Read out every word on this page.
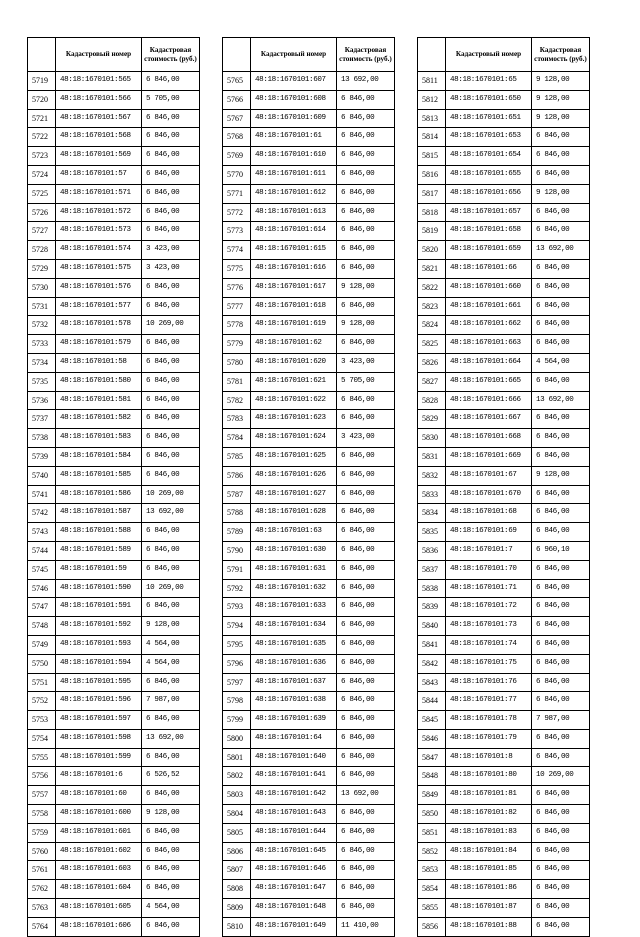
	Кадастровый номер	Кадастровая стоимость (руб.)
5719	48:18:1670101:565	6 846,00
5720	48:18:1670101:566	5 705,00
5721	48:18:1670101:567	6 846,00
5722	48:18:1670101:568	6 846,00
5723	48:18:1670101:569	6 846,00
5724	48:18:1670101:57	6 846,00
5725	48:18:1670101:571	6 846,00
5726	48:18:1670101:572	6 846,00
5727	48:18:1670101:573	6 846,00
5728	48:18:1670101:574	3 423,00
5729	48:18:1670101:575	3 423,00
5730	48:18:1670101:576	6 846,00
5731	48:18:1670101:577	6 846,00
5732	48:18:1670101:578	10 269,00
5733	48:18:1670101:579	6 846,00
5734	48:18:1670101:58	6 846,00
5735	48:18:1670101:580	6 846,00
5736	48:18:1670101:581	6 846,00
5737	48:18:1670101:582	6 846,00
5738	48:18:1670101:583	6 846,00
5739	48:18:1670101:584	6 846,00
5740	48:18:1670101:585	6 846,00
5741	48:18:1670101:586	10 269,00
5742	48:18:1670101:587	13 692,00
5743	48:18:1670101:588	6 846,00
5744	48:18:1670101:589	6 846,00
5745	48:18:1670101:59	6 846,00
5746	48:18:1670101:590	10 269,00
5747	48:18:1670101:591	6 846,00
5748	48:18:1670101:592	9 128,00
5749	48:18:1670101:593	4 564,00
5750	48:18:1670101:594	4 564,00
5751	48:18:1670101:595	6 846,00
5752	48:18:1670101:596	7 987,00
5753	48:18:1670101:597	6 846,00
5754	48:18:1670101:598	13 692,00
5755	48:18:1670101:599	6 846,00
5756	48:18:1670101:6	6 526,52
5757	48:18:1670101:60	6 846,00
5758	48:18:1670101:600	9 128,00
5759	48:18:1670101:601	6 846,00
5760	48:18:1670101:602	6 846,00
5761	48:18:1670101:603	6 846,00
5762	48:18:1670101:604	6 846,00
5763	48:18:1670101:605	4 564,00
5764	48:18:1670101:606	6 846,00
	Кадастровый номер	Кадастровая стоимость (руб.)
5765	48:18:1670101:607	13 692,00
5766	48:18:1670101:608	6 846,00
5767	48:18:1670101:609	6 846,00
5768	48:18:1670101:61	6 846,00
5769	48:18:1670101:610	6 846,00
5770	48:18:1670101:611	6 846,00
5771	48:18:1670101:612	6 846,00
5772	48:18:1670101:613	6 846,00
5773	48:18:1670101:614	6 846,00
5774	48:18:1670101:615	6 846,00
5775	48:18:1670101:616	6 846,00
5776	48:18:1670101:617	9 128,00
5777	48:18:1670101:618	6 846,00
5778	48:18:1670101:619	9 128,00
5779	48:18:1670101:62	6 846,00
5780	48:18:1670101:620	3 423,00
5781	48:18:1670101:621	5 705,00
5782	48:18:1670101:622	6 846,00
5783	48:18:1670101:623	6 846,00
5784	48:18:1670101:624	3 423,00
5785	48:18:1670101:625	6 846,00
5786	48:18:1670101:626	6 846,00
5787	48:18:1670101:627	6 846,00
5788	48:18:1670101:628	6 846,00
5789	48:18:1670101:63	6 846,00
5790	48:18:1670101:630	6 846,00
5791	48:18:1670101:631	6 846,00
5792	48:18:1670101:632	6 846,00
5793	48:18:1670101:633	6 846,00
5794	48:18:1670101:634	6 846,00
5795	48:18:1670101:635	6 846,00
5796	48:18:1670101:636	6 846,00
5797	48:18:1670101:637	6 846,00
5798	48:18:1670101:638	6 846,00
5799	48:18:1670101:639	6 846,00
5800	48:18:1670101:64	6 846,00
5801	48:18:1670101:640	6 846,00
5802	48:18:1670101:641	6 846,00
5803	48:18:1670101:642	13 692,00
5804	48:18:1670101:643	6 846,00
5805	48:18:1670101:644	6 846,00
5806	48:18:1670101:645	6 846,00
5807	48:18:1670101:646	6 846,00
5808	48:18:1670101:647	6 846,00
5809	48:18:1670101:648	6 846,00
5810	48:18:1670101:649	11 410,00
	Кадастровый номер	Кадастровая стоимость (руб.)
5811	48:18:1670101:65	9 128,00
5812	48:18:1670101:650	9 128,00
5813	48:18:1670101:651	9 128,00
5814	48:18:1670101:653	6 846,00
5815	48:18:1670101:654	6 846,00
5816	48:18:1670101:655	6 846,00
5817	48:18:1670101:656	9 128,00
5818	48:18:1670101:657	6 846,00
5819	48:18:1670101:658	6 846,00
5820	48:18:1670101:659	13 692,00
5821	48:18:1670101:66	6 846,00
5822	48:18:1670101:660	6 846,00
5823	48:18:1670101:661	6 846,00
5824	48:18:1670101:662	6 846,00
5825	48:18:1670101:663	6 846,00
5826	48:18:1670101:664	4 564,00
5827	48:18:1670101:665	6 846,00
5828	48:18:1670101:666	13 692,00
5829	48:18:1670101:667	6 846,00
5830	48:18:1670101:668	6 846,00
5831	48:18:1670101:669	6 846,00
5832	48:18:1670101:67	9 128,00
5833	48:18:1670101:670	6 846,00
5834	48:18:1670101:68	6 846,00
5835	48:18:1670101:69	6 846,00
5836	48:18:1670101:7	6 960,10
5837	48:18:1670101:70	6 846,00
5838	48:18:1670101:71	6 846,00
5839	48:18:1670101:72	6 846,00
5840	48:18:1670101:73	6 846,00
5841	48:18:1670101:74	6 846,00
5842	48:18:1670101:75	6 846,00
5843	48:18:1670101:76	6 846,00
5844	48:18:1670101:77	6 846,00
5845	48:18:1670101:78	7 987,00
5846	48:18:1670101:79	6 846,00
5847	48:18:1670101:8	6 846,00
5848	48:18:1670101:80	10 269,00
5849	48:18:1670101:81	6 846,00
5850	48:18:1670101:82	6 846,00
5851	48:18:1670101:83	6 846,00
5852	48:18:1670101:84	6 846,00
5853	48:18:1670101:85	6 846,00
5854	48:18:1670101:86	6 846,00
5855	48:18:1670101:87	6 846,00
5856	48:18:1670101:88	6 846,00
